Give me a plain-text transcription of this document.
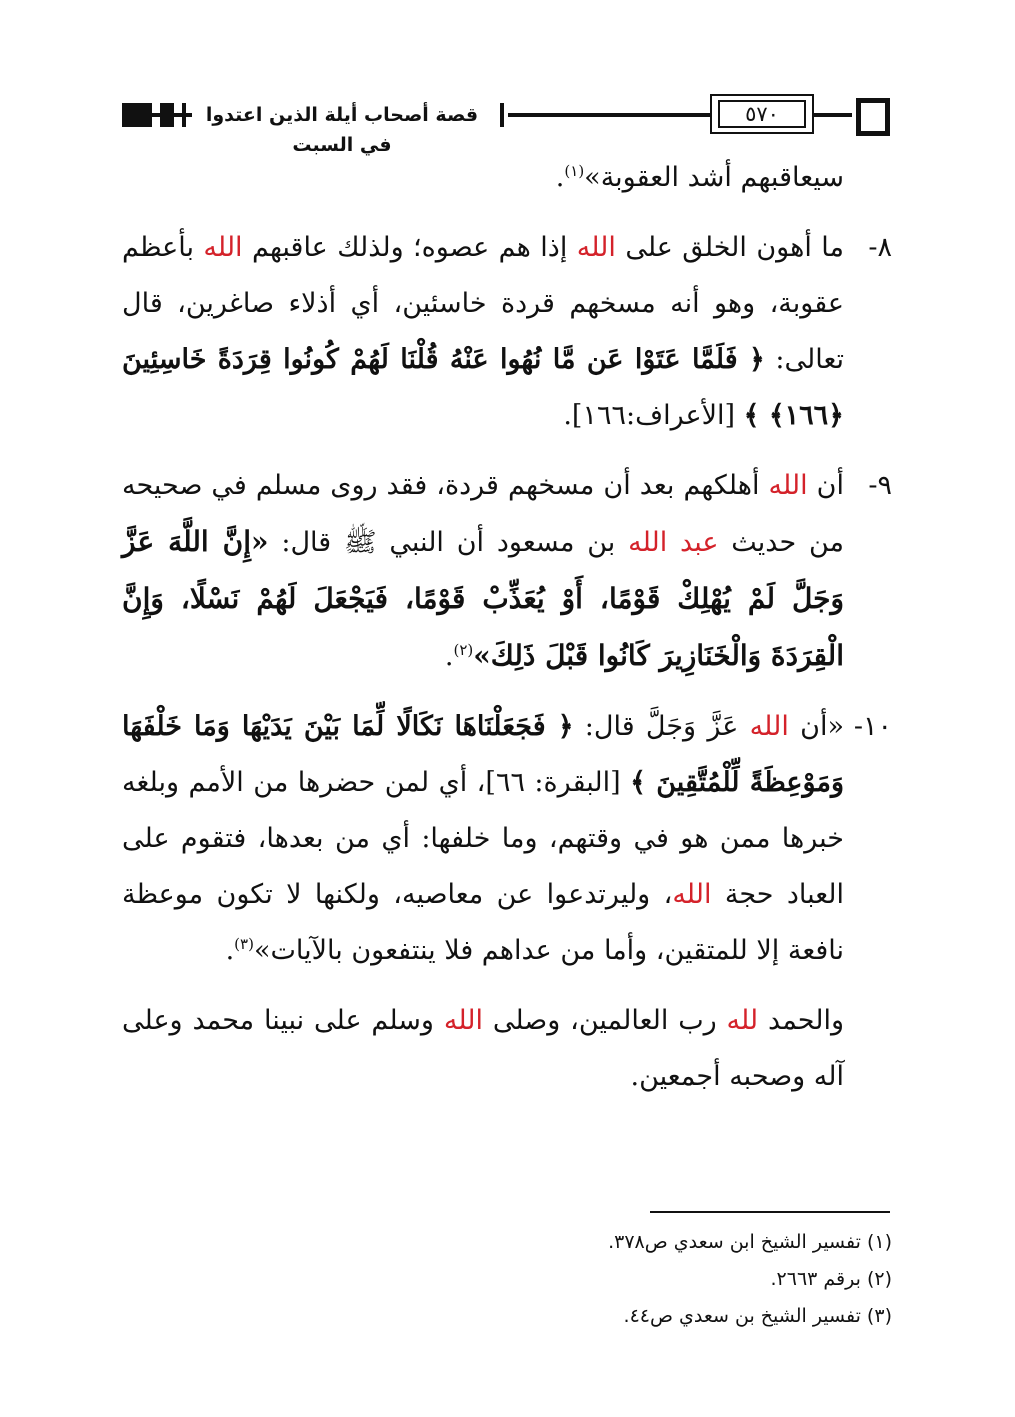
قصة أصحاب أيلة الذين اعتدوا في السبت
٥٧٠

سيعاقبهم أشد العقوبة»$^{(١)}$.

٨-
ما أهون الخلق على الله إذا هم عصوه؛ ولذلك عاقبهم الله بأعظم عقوبة، وهو أنه مسخهم قردة خاسئين، أي أذلاء صاغرين، قال تعالى: ﴿ فَلَمَّا عَتَوْا عَن مَّا نُهُوا عَنْهُ قُلْنَا لَهُمْ كُونُوا قِرَدَةً خَاسِئِينَ ﴿١٦٦﴾ ﴾ [الأعراف:١٦٦].
٩-
أن الله أهلكهم بعد أن مسخهم قردة، فقد روى مسلم في صحيحه من حديث عبد الله بن مسعود أن النبي ﷺ قال: «إِنَّ اللَّهَ عَزَّ وَجَلَّ لَمْ يُهْلِكْ قَوْمًا، أَوْ يُعَذِّبْ قَوْمًا، فَيَجْعَلَ لَهُمْ نَسْلًا، وَإِنَّ الْقِرَدَةَ وَالْخَنَازِيرَ كَانُوا قَبْلَ ذَلِكَ»$^{(٢)}$.
١٠-
«أن الله عَزَّ وَجَلَّ قال: ﴿ فَجَعَلْنَاهَا نَكَالًا لِّمَا بَيْنَ يَدَيْهَا وَمَا خَلْفَهَا وَمَوْعِظَةً لِّلْمُتَّقِينَ ﴾ [البقرة: ٦٦]، أي لمن حضرها من الأمم وبلغه خبرها ممن هو في وقتهم، وما خلفها: أي من بعدها، فتقوم على العباد حجة الله، وليرتدعوا عن معاصيه، ولكنها لا تكون موعظة نافعة إلا للمتقين، وأما من عداهم فلا ينتفعون بالآيات»$^{(٣)}$.

والحمد لله رب العالمين، وصلى الله وسلم على نبينا محمد وعلى آله وصحبه أجمعين.

(١) تفسير الشيخ ابن سعدي ص٣٧٨.
(٢) برقم ٢٦٦٣.
(٣) تفسير الشيخ بن سعدي ص٤٤.
